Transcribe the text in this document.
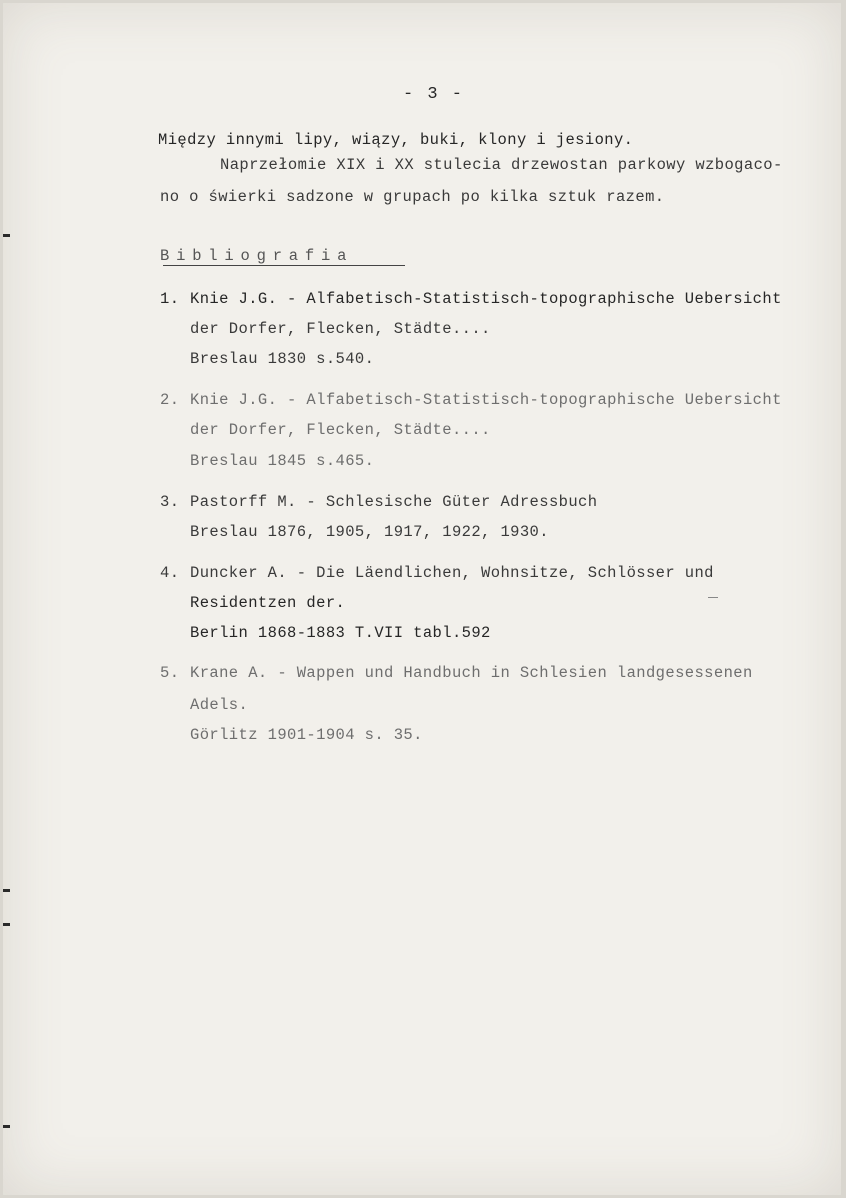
- 3 -
Między innymi lipy, wiązy, buki, klony i jesiony.
Naprzełomie XIX i XX stulecia drzewostan parkowy wzbogaco-
no o świerki sadzone w grupach po kilka sztuk razem.
Bibliografia
1. Knie J.G. - Alfabetisch-Statistisch-topographische Uebersicht
der Dorfer, Flecken, Städte....
Breslau 1830 s.540.
2. Knie J.G. - Alfabetisch-Statistisch-topographische Uebersicht
der Dorfer, Flecken, Städte....
Breslau 1845 s.465.
3. Pastorff M. - Schlesische Güter Adressbuch
Breslau 1876, 1905, 1917, 1922, 1930.
4. Duncker A. - Die Läendlichen, Wohnsitze, Schlösser und
Residentzen der.
Berlin 1868-1883 T.VII tabl.592
5. Krane A. - Wappen und Handbuch in Schlesien landgesessenen
Adels.
Görlitz 1901-1904 s. 35.
